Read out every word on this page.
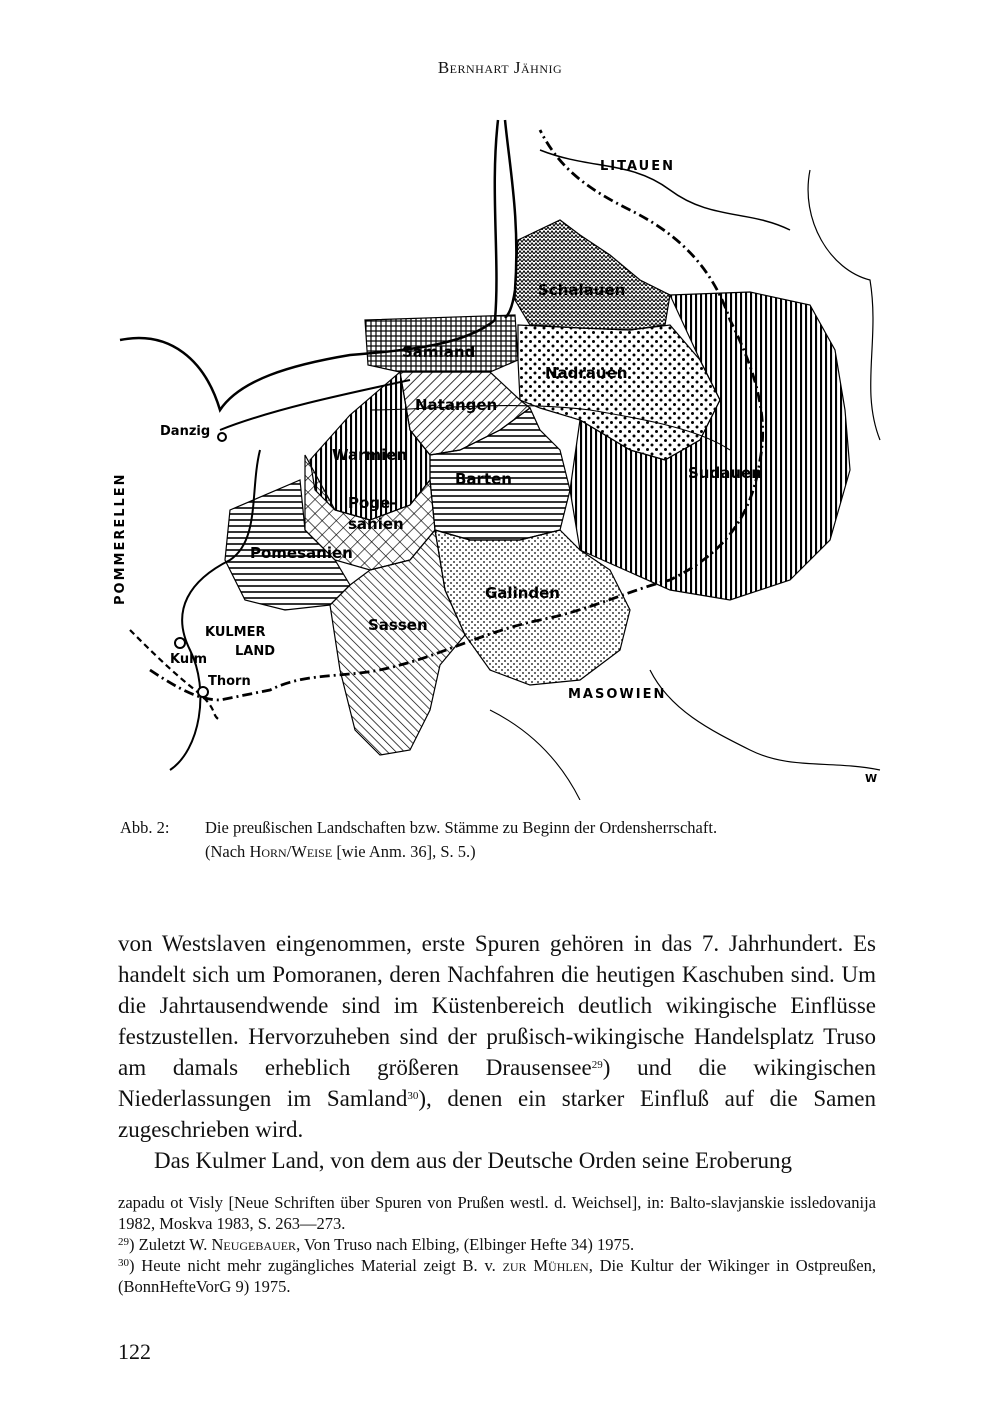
Bernhart Jähnig
LITAUEN
Schalauen
Samland
Nadrauen
Natangen
Danzig
Warmien
Barten	Sudauen
POMMERELLEN	Poge-
sanien
Pomesanien
Galinden
KULMER
LAND
Kulm
Sassen
Thorn
MASOWIEN
W
Abb. 2: Die preußischen Landschaften bzw. Stämme zu Beginn der Ordensherrschaft.
(Nach Horn/Weise [wie Anm. 36], S. 5.)

von Westslaven eingenommen, erste Spuren gehören in das 7. Jahrhundert. Es handelt sich um Pomoranen, deren Nachfahren die heutigen Kaschuben sind. Um die Jahrtausendwende sind im Küstenbereich deutlich wikingische Einflüsse festzustellen. Hervorzuheben sind der prußisch-wikingische Handelsplatz Truso am damals erheblich größeren Drausensee$^{29}$) und die wikingischen Niederlassungen im Samland$^{30}$), denen ein starker Einfluß auf die Samen zugeschrieben wird.

Das Kulmer Land, von dem aus der Deutsche Orden seine Eroberung

zapadu ot Visly [Neue Schriften über Spuren von Prußen westl. d. Weichsel], in: Balto-slavjanskie issledovanija 1982, Moskva 1983, S. 263—273.

$^{29}$) Zuletzt W. Neugebauer, Von Truso nach Elbing, (Elbinger Hefte 34) 1975.

$^{30}$) Heute nicht mehr zugängliches Material zeigt B. v. zur Mühlen, Die Kultur der Wikinger in Ostpreußen, (BonnHefteVorG 9) 1975.

122
